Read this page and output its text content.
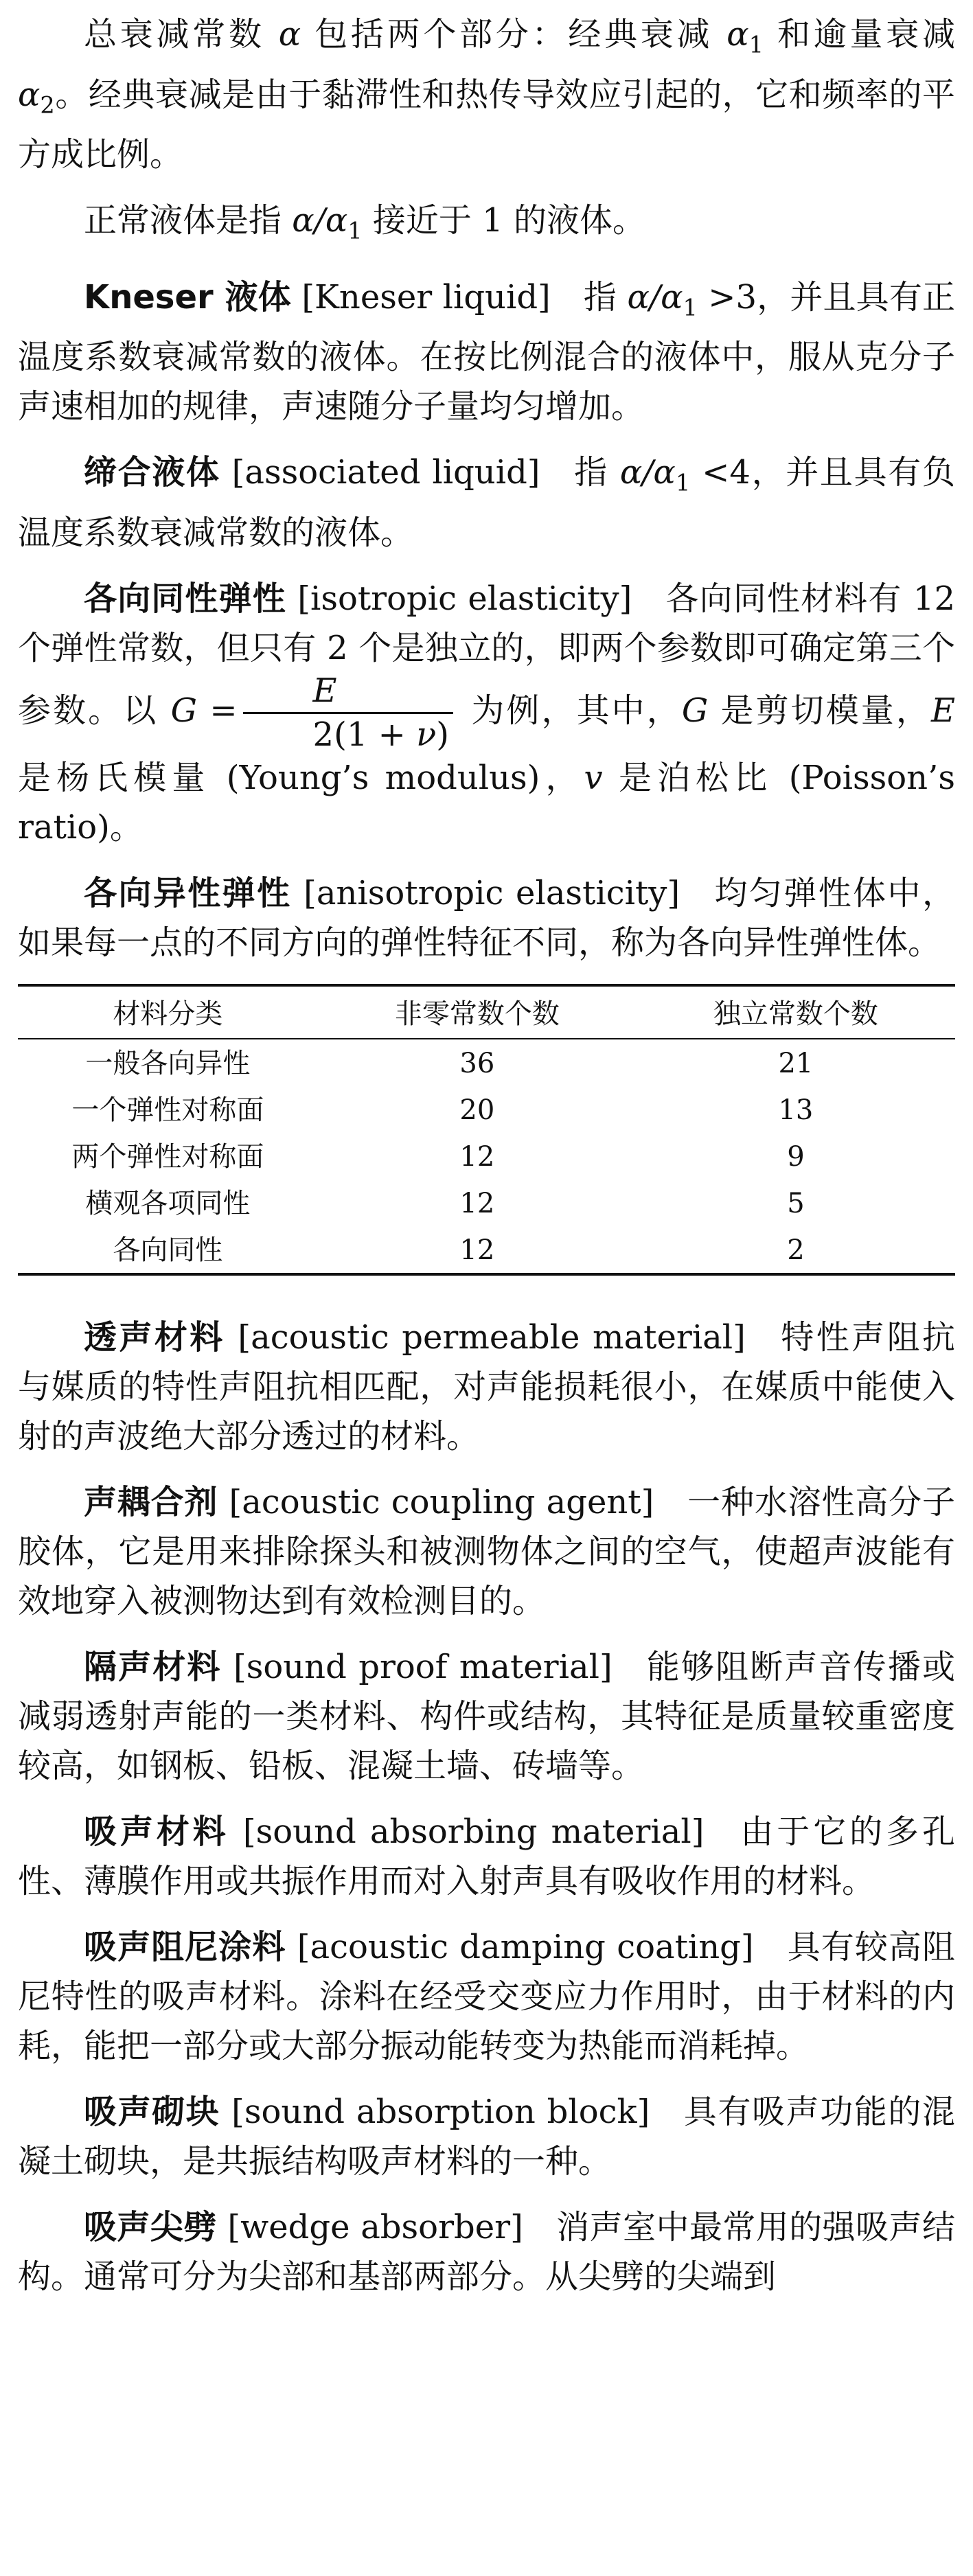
总衰减常数 α 包括两个部分：经典衰减 $\alpha_1$ 和逾量衰减 $\alpha_2$。经典衰减是由于黏滞性和热传导效应引起的，它和频率的平方成比例。

正常液体是指 $\alpha/\alpha_1$ 接近于 1 的液体。

Kneser 液体 [Kneser liquid] 指 $\alpha/\alpha_1 >3$，并且具有正温度系数衰减常数的液体。在按比例混合的液体中，服从克分子声速相加的规律，声速随分子量均匀增加。

缔合液体 [associated liquid] 指 $\alpha/\alpha_1 <4$，并且具有负温度系数衰减常数的液体。

各向同性弹性 [isotropic elasticity] 各向同性材料有 12 个弹性常数，但只有 2 个是独立的，即两个参数即可确定第三个参数。以 $G = \frac{E}{2(1 + \nu)}$ 为例，其中，G 是剪切模量，E 是杨氏模量 (Young’s modulus)，v 是泊松比 (Poisson’s ratio)。

各向异性弹性 [anisotropic elasticity] 均匀弹性体中，如果每一点的不同方向的弹性特征不同，称为各向异性弹性体。

材料分类	非零常数个数	独立常数个数
一般各向异性	36	21
一个弹性对称面	20	13
两个弹性对称面	12	9
横观各项同性	12	5
各向同性	12	2

透声材料 [acoustic permeable material] 特性声阻抗与媒质的特性声阻抗相匹配，对声能损耗很小，在媒质中能使入射的声波绝大部分透过的材料。

声耦合剂 [acoustic coupling agent] 一种水溶性高分子胶体，它是用来排除探头和被测物体之间的空气，使超声波能有效地穿入被测物达到有效检测目的。

隔声材料 [sound proof material] 能够阻断声音传播或减弱透射声能的一类材料、构件或结构，其特征是质量较重密度较高，如钢板、铅板、混凝土墙、砖墙等。

吸声材料 [sound absorbing material] 由于它的多孔性、薄膜作用或共振作用而对入射声具有吸收作用的材料。

吸声阻尼涂料 [acoustic damping coating] 具有较高阻尼特性的吸声材料。涂料在经受交变应力作用时，由于材料的内耗，能把一部分或大部分振动能转变为热能而消耗掉。

吸声砌块 [sound absorption block] 具有吸声功能的混凝土砌块，是共振结构吸声材料的一种。

吸声尖劈 [wedge absorber] 消声室中最常用的强吸声结构。通常可分为尖部和基部两部分。从尖劈的尖端到
